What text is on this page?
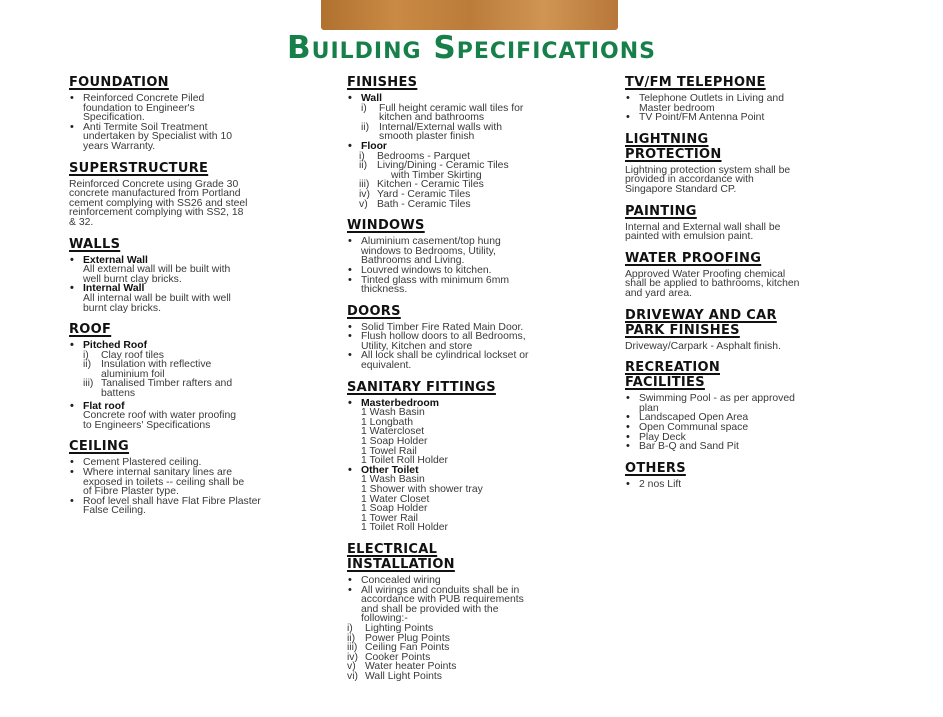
Building Specifications
FOUNDATION
• Reinforced Concrete Piled
foundation to Engineer's
Specification.
• Anti Termite Soil Treatment
undertaken by Specialist with 10
years Warranty.
SUPERSTRUCTURE
Reinforced Concrete using Grade 30
concrete manufactured from Portland
cement complying with SS26 and steel
reinforcement complying with SS2, 18
& 32.
WALLS
• External Wall
All external wall will be built with
well burnt clay bricks.
• Internal Wall
All internal wall be built with well
burnt clay bricks.
ROOF
• Pitched Roof
i)	Clay roof tiles
ii) Insulation with reflective
aluminium foil
iii) Tanalised Timber rafters and
battens
• Flat roof
Concrete roof with water proofing
to Engineers' Specifications
CEILING
• Cement Plastered ceiling.
• Where internal sanitary lines are
exposed in toilets -- ceiling shall be
of Fibre Plaster type.
• Roof level shall have Flat Fibre Plaster
False Ceiling.
FINISHES
• Wall
i)	Full height ceramic wall tiles for
kitchen and bathrooms
ii) Internal/External walls with
smooth plaster finish
• Floor
i)	Bedrooms - Parquet
ii) Living/Dining - Ceramic Tiles
with Timber Skirting
iii) Kitchen - Ceramic Tiles
iv) Yard - Ceramic Tiles
v) Bath - Ceramic Tiles
WINDOWS
• Aluminium casement/top hung
windows to Bedrooms, Utility,
Bathrooms and Living.
• Louvred windows to kitchen.
• Tinted glass with minimum 6mm
thickness.
DOORS
• Solid Timber Fire Rated Main Door.
• Flush hollow doors to all Bedrooms,
Utility, Kitchen and store
• All lock shall be cylindrical lockset or
equivalent.
SANITARY FITTINGS
• Masterbedroom
1 Wash Basin
1 Longbath
1 Watercloset
1 Soap Holder
1 Towel Rail
1 Toilet Roll Holder
• Other Toilet
1 Wash Basin
1 Shower with shower tray
1 Water Closet
1 Soap Holder
1 Tower Rail
1 Toilet Roll Holder
ELECTRICAL
INSTALLATION
• Concealed wiring
• All wirings and conduits shall be in
accordance with PUB requirements
and shall be provided with the
following:-
i)	Lighting Points
ii) Power Plug Points
iii) Ceiling Fan Points
iv) Cooker Points
v) Water heater Points
vi) Wall Light Points
TV/FM TELEPHONE
• Telephone Outlets in Living and
Master bedroom
• TV Point/FM Antenna Point
LIGHTNING
PROTECTION
Lightning protection system shall be
provided in accordance with
Singapore Standard CP.
PAINTING
Internal and External wall shall be
painted with emulsion paint.
WATER PROOFING
Approved Water Proofing chemical
shall be applied to bathrooms, kitchen
and yard area.
DRIVEWAY AND CAR
PARK FINISHES
Driveway/Carpark - Asphalt finish.
RECREATION
FACILITIES
• Swimming Pool - as per approved
plan
• Landscaped Open Area
• Open Communal space
• Play Deck
• Bar B-Q and Sand Pit
OTHERS
• 2 nos Lift
